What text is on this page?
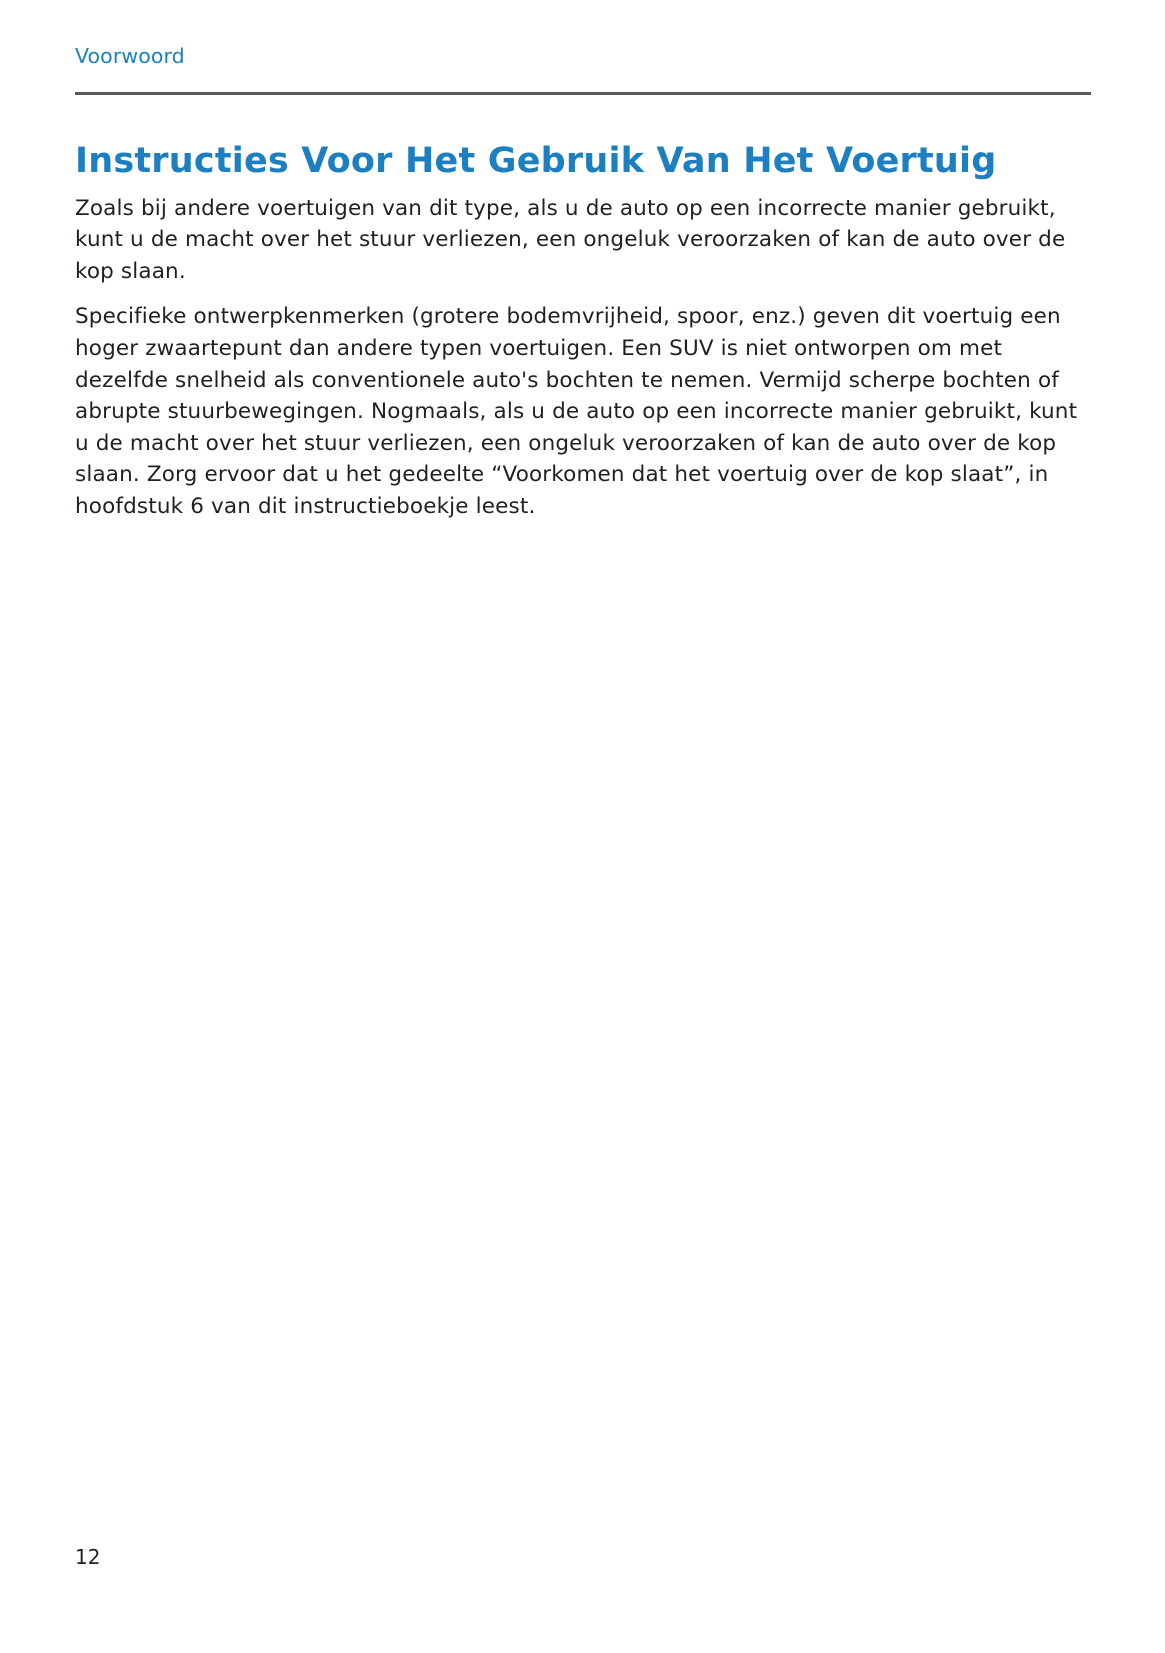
Voorwoord
Instructies Voor Het Gebruik Van Het Voertuig

Zoals bij andere voertuigen van dit type, als u de auto op een incorrecte manier gebruikt, kunt u de macht over het stuur verliezen, een ongeluk veroorzaken of kan de auto over de kop slaan.

Specifieke ontwerpkenmerken (grotere bodemvrijheid, spoor, enz.) geven dit voertuig een hoger zwaartepunt dan andere typen voertuigen. Een SUV is niet ontworpen om met dezelfde snelheid als conventionele auto's bochten te nemen. Vermijd scherpe bochten of abrupte stuurbewegingen. Nogmaals, als u de auto op een incorrecte manier gebruikt, kunt u de macht over het stuur verliezen, een ongeluk veroorzaken of kan de auto over de kop slaan. Zorg ervoor dat u het gedeelte “Voorkomen dat het voertuig over de kop slaat”, in hoofdstuk 6 van dit instructieboekje leest.

12
